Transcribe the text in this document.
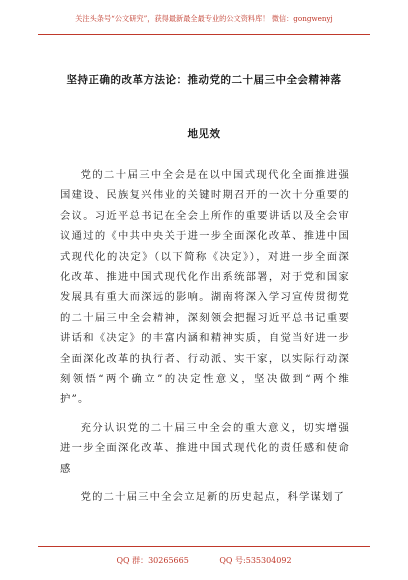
关注头条号“公文研究”，获得最新最全最专业的公文资料库！ 微信：gongwenyj
坚持正确的改革方法论：推动党的二十届三中全会精神落
地见效

党的二十届三中全会是在以中国式现代化全面推进强国建设、民族复兴伟业的关键时期召开的一次十分重要的会议。习近平总书记在全会上所作的重要讲话以及全会审议通过的《中共中央关于进一步全面深化改革、推进中国式现代化的决定》（以下简称《决定》），对进一步全面深化改革、推进中国式现代化作出系统部署，对于党和国家发展具有重大而深远的影响。湖南将深入学习宣传贯彻党的二十届三中全会精神，深刻领会把握习近平总书记重要讲话和《决定》的丰富内涵和精神实质，自觉当好进一步全面深化改革的执行者、行动派、实干家，以实际行动深刻领悟“两个确立”的决定性意义，坚决做到“两个维护”。

充分认识党的二十届三中全会的重大意义，切实增强进一步全面深化改革、推进中国式现代化的责任感和使命感

党的二十届三中全会立足新的历史起点，科学谋划了

QQ 群：30265665	QQ 号:535304092
